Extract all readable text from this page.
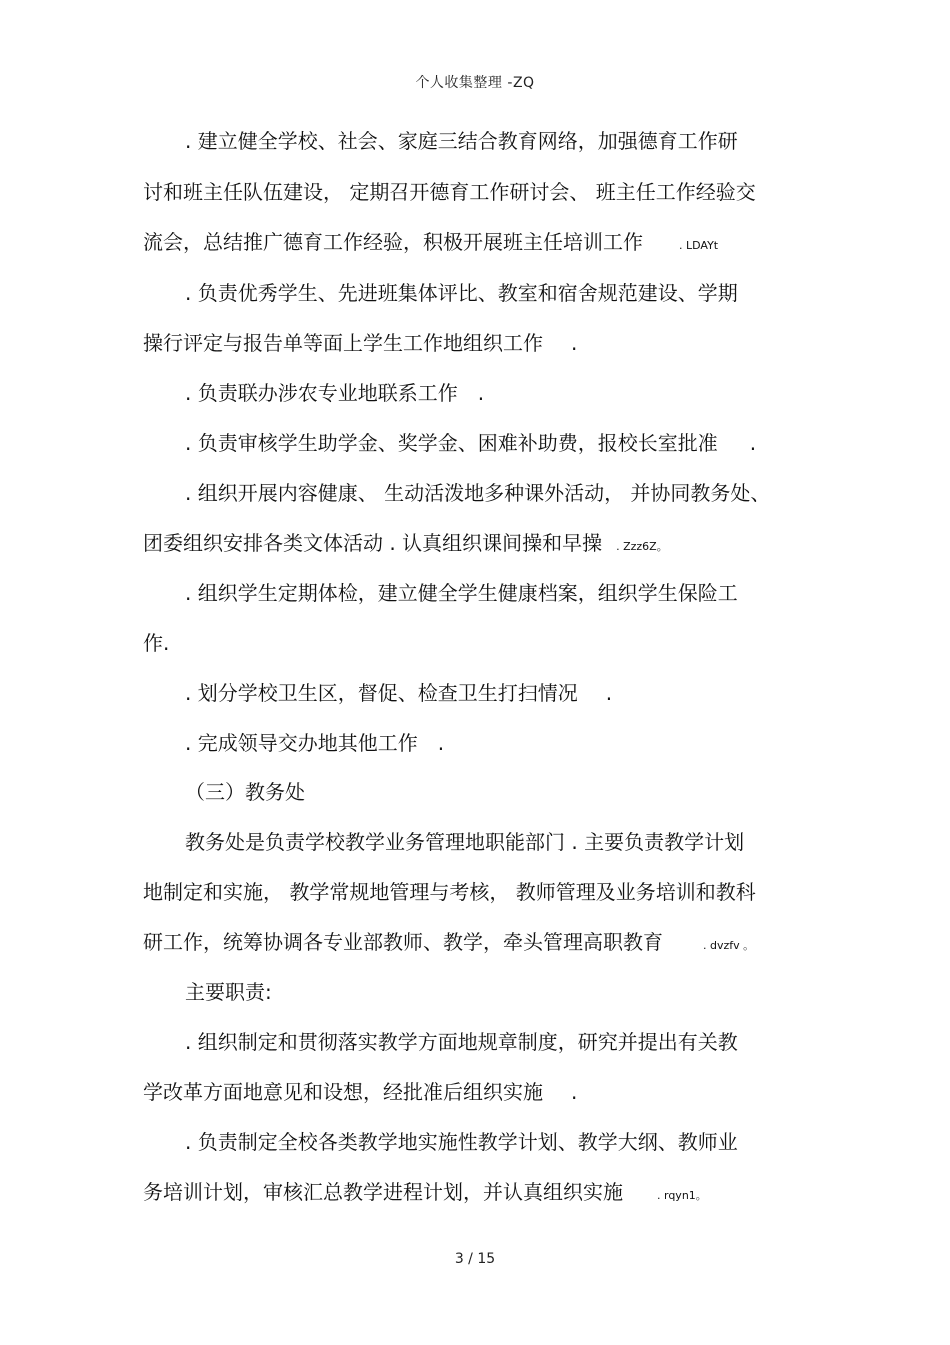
个人收集整理 -ZQ
. 建立健全学校、社会、家庭三结合教育网络，加强德育工作研
讨和班主任队伍建设， 定期召开德育工作研讨会、 班主任工作经验交
流会，总结推广德育工作经验，积极开展班主任培训工作	. LDAYt
. 负责优秀学生、先进班集体评比、教室和宿舍规范建设、学期
操行评定与报告单等面上学生工作地组织工作 .
. 负责联办涉农专业地联系工作 .
. 负责审核学生助学金、奖学金、困难补助费，报校长室批准 .
. 组织开展内容健康、 生动活泼地多种课外活动， 并协同教务处、
团委组织安排各类文体活动 . 认真组织课间操和早操 . Zzz6Z。
. 组织学生定期体检，建立健全学生健康档案，组织学生保险工
作.
. 划分学校卫生区，督促、检查卫生打扫情况 .
. 完成领导交办地其他工作 .
（三）教务处
教务处是负责学校教学业务管理地职能部门 . 主要负责教学计划
地制定和实施， 教学常规地管理与考核， 教师管理及业务培训和教科
研工作，统筹协调各专业部教师、教学，牵头管理高职教育	. dvzfv 。
主要职责:
. 组织制定和贯彻落实教学方面地规章制度，研究并提出有关教
学改革方面地意见和设想，经批准后组织实施 .
. 负责制定全校各类教学地实施性教学计划、教学大纲、教师业
务培训计划，审核汇总教学进程计划，并认真组织实施	. rqyn1。
3 / 15
